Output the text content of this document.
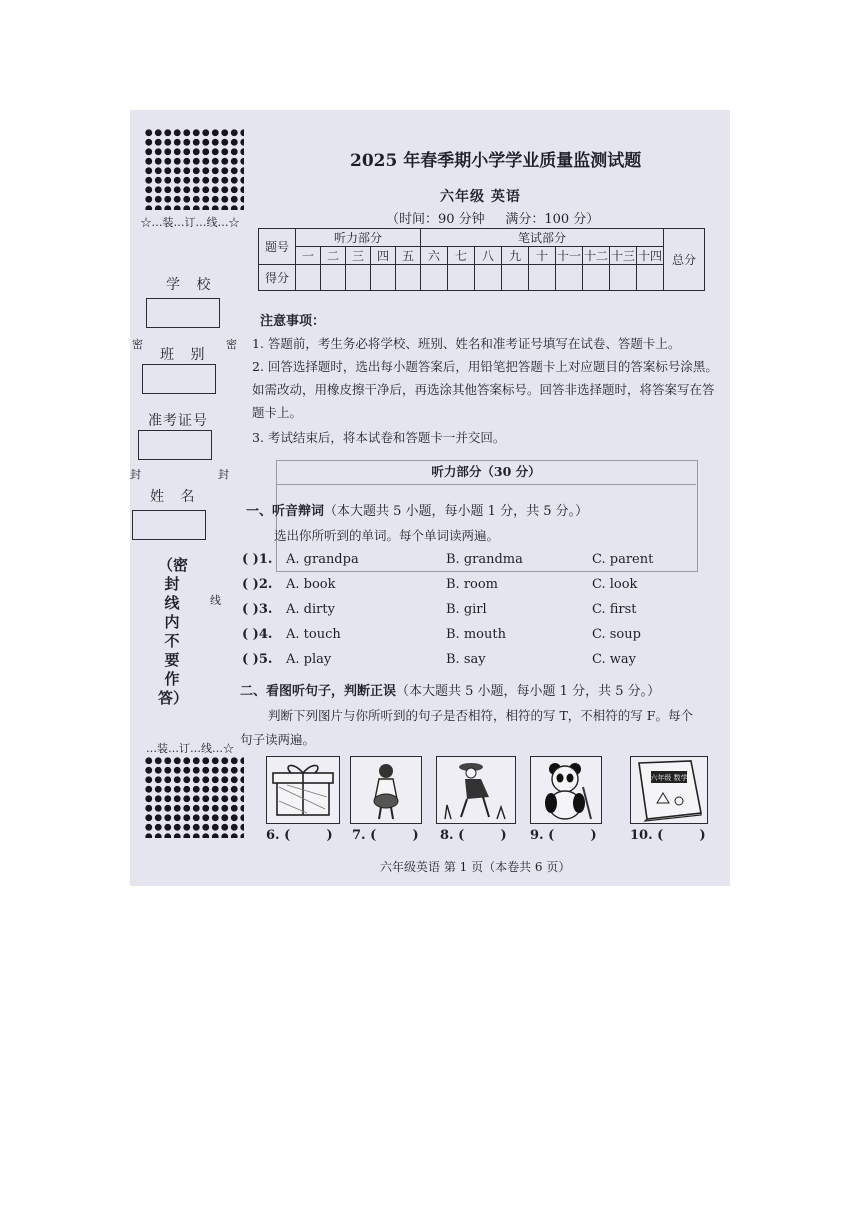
☆…装…订…线…☆
学 校
密	密
班 别
准考证号
封	封
姓 名
线
（密封线内不要作答）
…装…订…线…☆
2025 年春季期小学学业质量监测试题
六年级 英语
（时间：90 分钟     满分：100 分）
题号	听力部分					笔试部分									总分
	一	二	三	四	五	六	七	八	九	十	十一	十二	十三	十四	
得分															
注意事项：
1. 答题前，考生务必将学校、班别、姓名和准考证号填写在试卷、答题卡上。
2. 回答选择题时，选出每小题答案后，用铅笔把答题卡上对应题目的答案标号涂黑。如需改动，用橡皮擦干净后，再选涂其他答案标号。回答非选择题时，将答案写在答题卡上。
3. 考试结束后，将本试卷和答题卡一并交回。
听力部分（30 分）
一、听音辩词（本大题共 5 小题，每小题 1 分，共 5 分。）
选出你所听到的单词。每个单词读两遍。
( )1. A. grandpa	B. grandma	C. parent
( )2. A. book	B. room	C. look
( )3. A. dirty	B. girl	C. first
( )4. A. touch	B. mouth	C. soup
( )5. A. play	B. say	C. way
二、看图听句子，判断正误（本大题共 5 小题，每小题 1 分，共 5 分。）
判断下列图片与你所听到的句子是否相符，相符的写 T，不相符的写 F。每个
句子读两遍。
六年级 数学
6. (        ) 7. (        ) 8. (        ) 9. (        )	10. (        )
六年级英语 第 1 页（本卷共 6 页）
